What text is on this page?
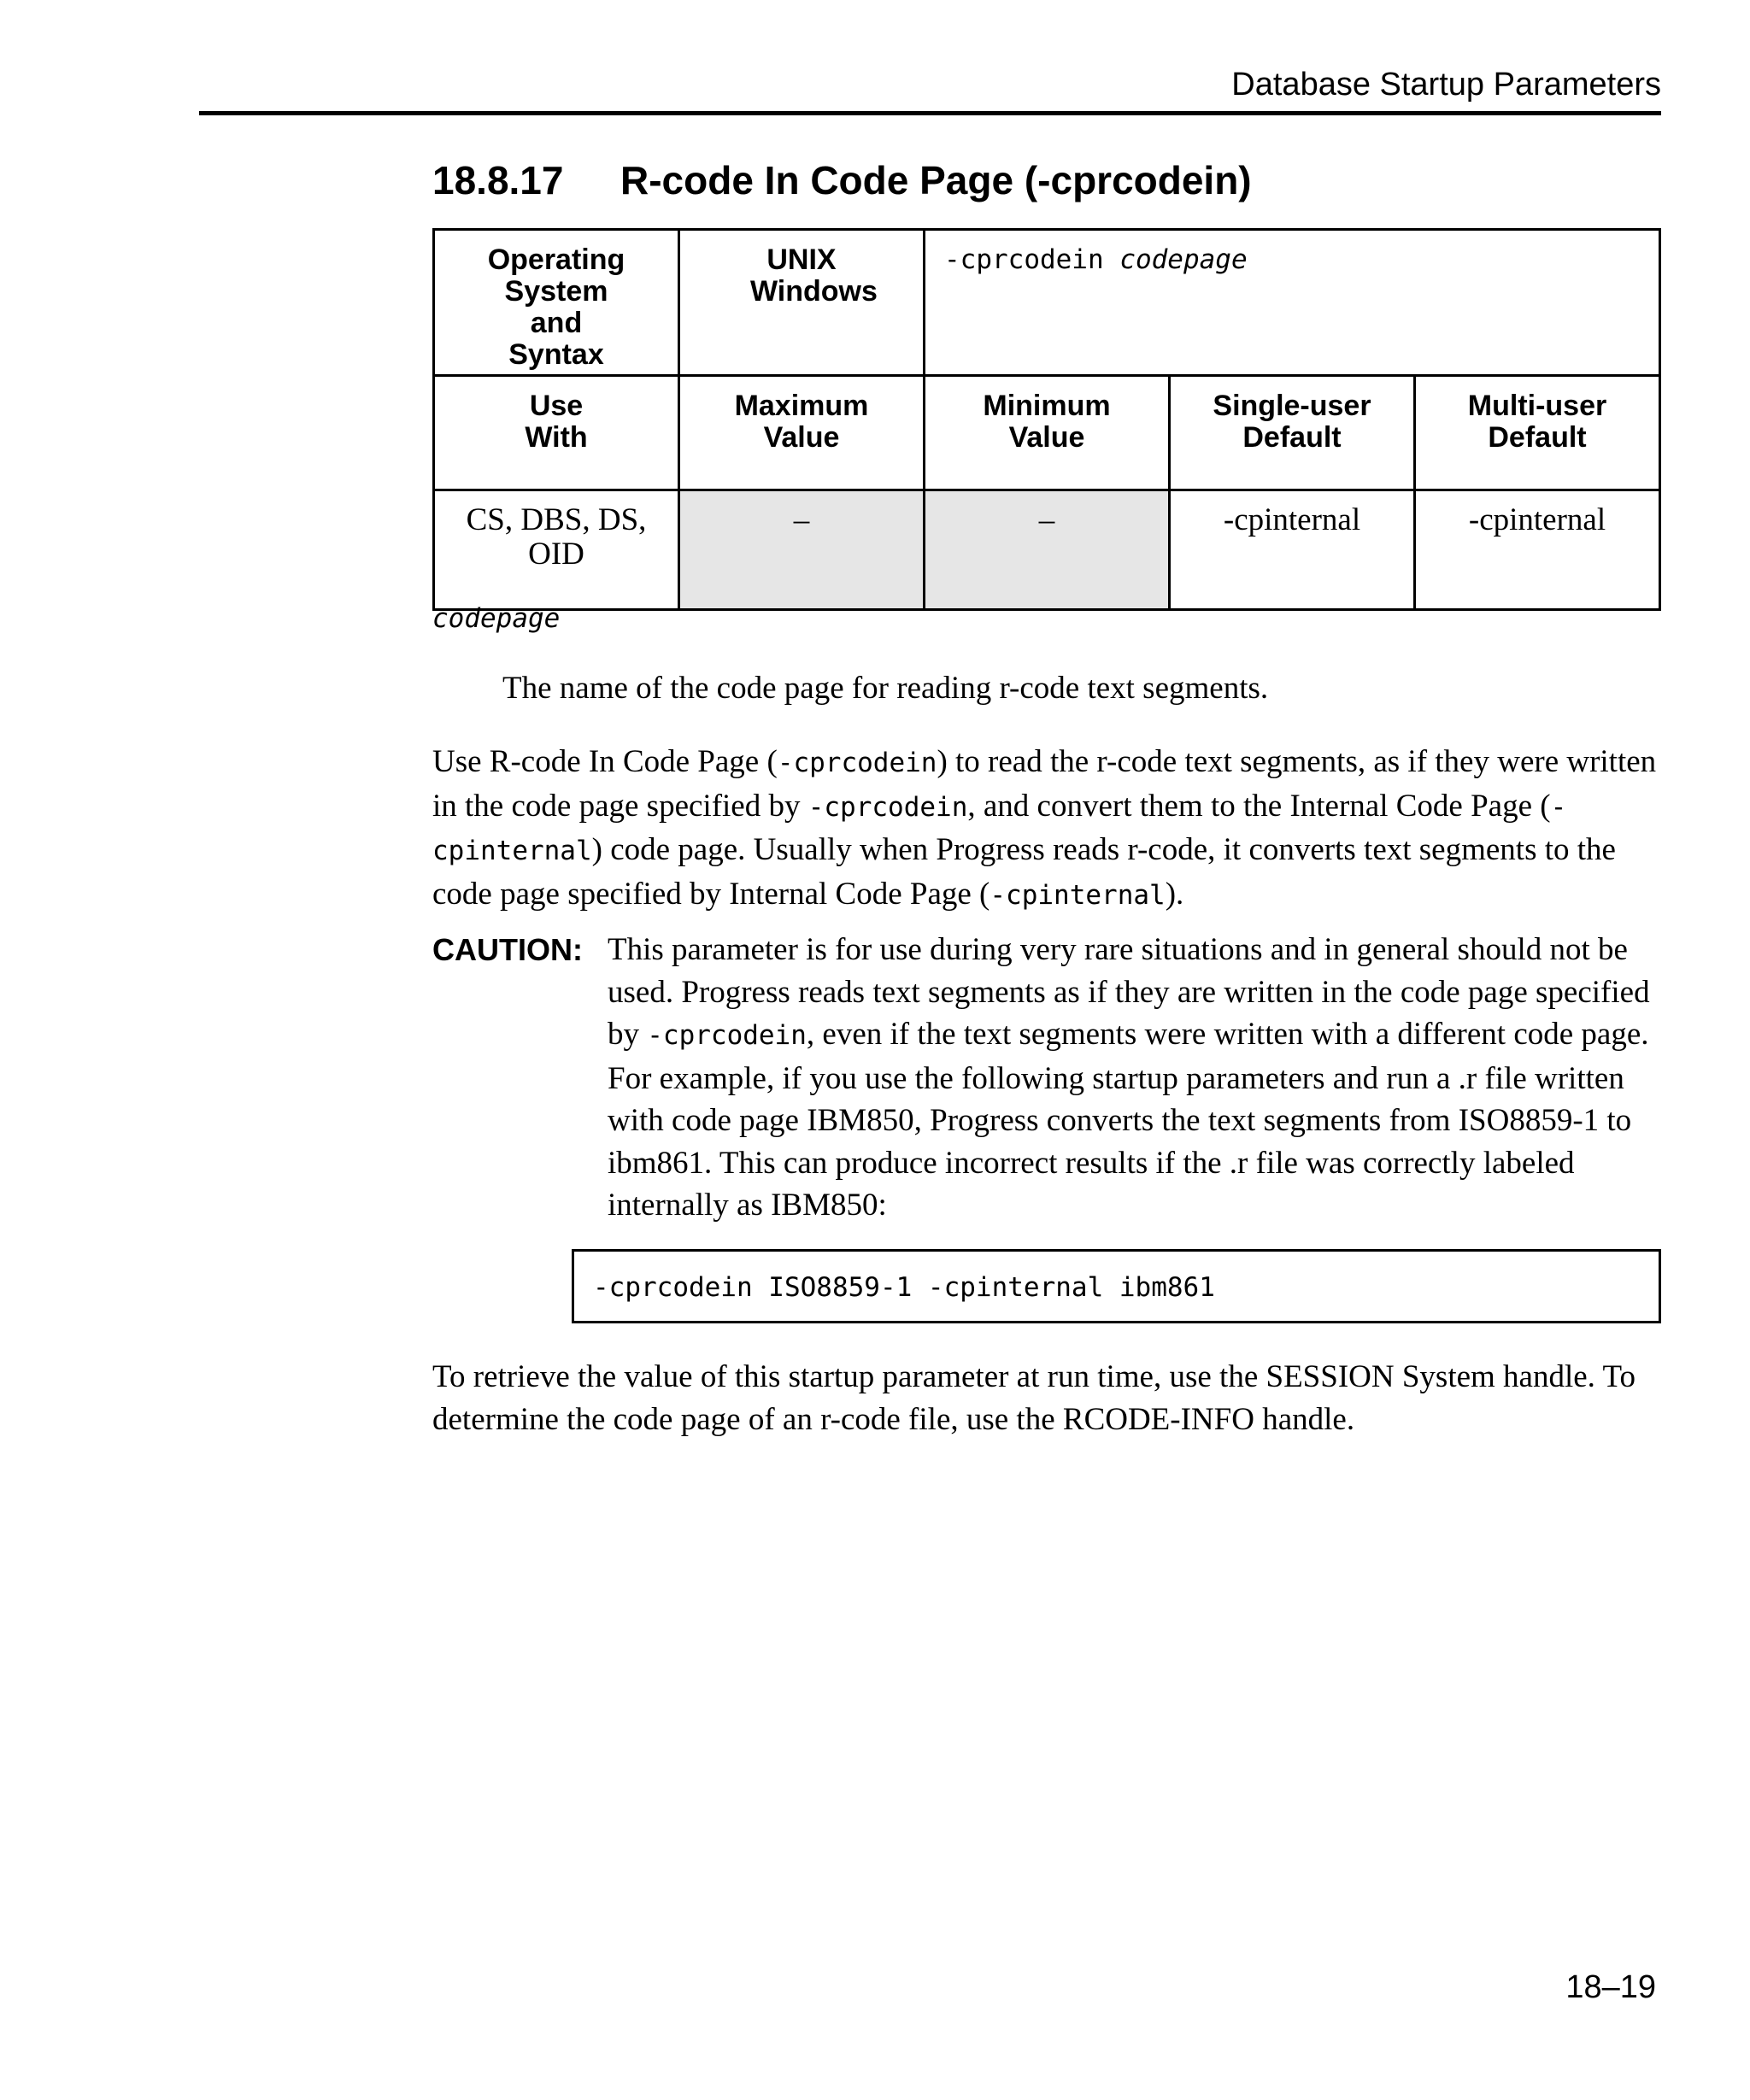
Database Startup Parameters
18.8.17 R-code In Code Page (-cprcodein)
Operating System and Syntax	UNIX Windows	-cprcodein codepage		

Use With	Maximum Value	Minimum Value	Single-user Default	Multi-user Default

CS, DBS, DS, OID	–	–	-cpinternal	-cpinternal
codepage

The name of the code page for reading r-code text segments.

Use R-code In Code Page (-cprcodein) to read the r-code text segments, as if they were written in the code page specified by -cprcodein, and convert them to the Internal Code Page (-cpinternal) code page. Usually when Progress reads r-code, it converts text segments to the code page specified by Internal Code Page (-cpinternal).

CAUTION: This parameter is for use during very rare situations and in general should not be used. Progress reads text segments as if they are written in the code page specified by -cprcodein, even if the text segments were written with a different code page. For example, if you use the following startup parameters and run a .r file written with code page IBM850, Progress converts the text segments from ISO8859-1 to ibm861. This can produce incorrect results if the .r file was correctly labeled internally as IBM850:

-cprcodein ISO8859-1 -cpinternal ibm861

To retrieve the value of this startup parameter at run time, use the SESSION System handle. To determine the code page of an r-code file, use the RCODE-INFO handle.

18–19
